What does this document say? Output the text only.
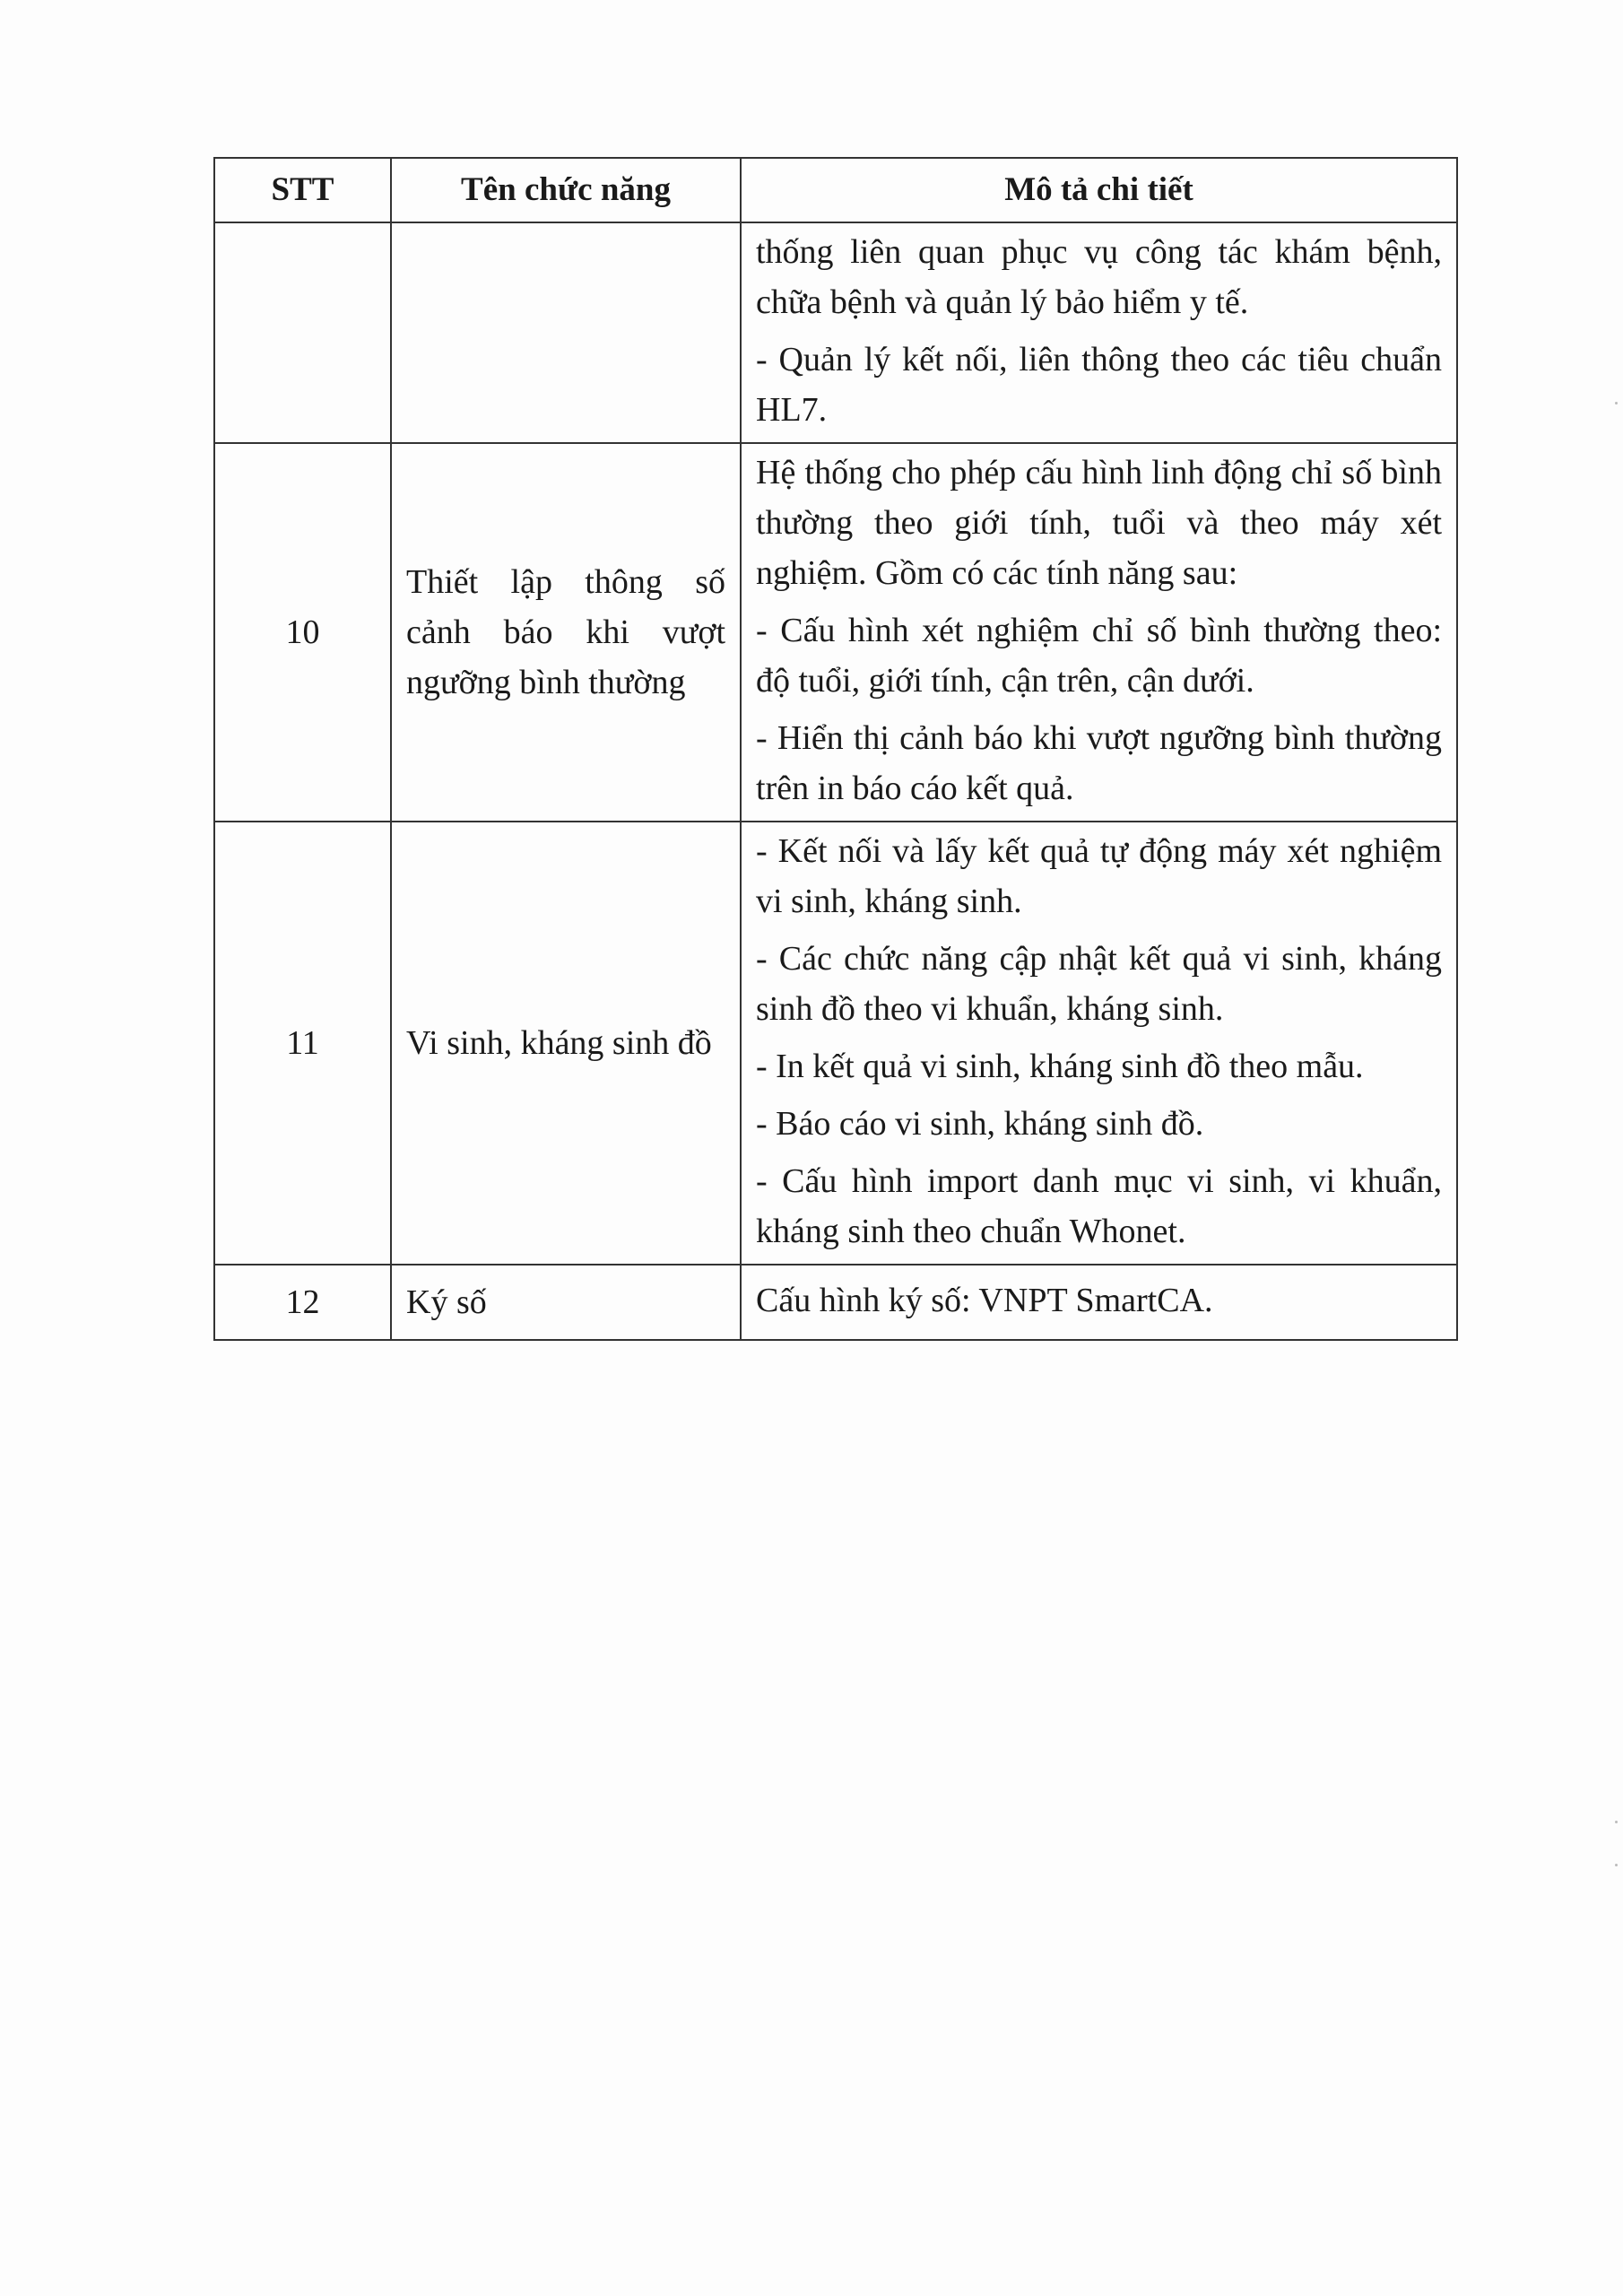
STT	Tên chức năng	Mô tả chi tiết

		thống liên quan phục vụ công tác khám bệnh, chữa bệnh và quản lý bảo hiểm y tế.

- Quản lý kết nối, liên thông theo các tiêu chuẩn HL7.

10	Thiết lập thông số cảnh báo khi vượt ngưỡng bình thường	Hệ thống cho phép cấu hình linh động chỉ số bình thường theo giới tính, tuổi và theo máy xét nghiệm. Gồm có các tính năng sau:

- Cấu hình xét nghiệm chỉ số bình thường theo: độ tuổi, giới tính, cận trên, cận dưới.

- Hiển thị cảnh báo khi vượt ngưỡng bình thường trên in báo cáo kết quả.

11	Vi sinh, kháng sinh đồ	- Kết nối và lấy kết quả tự động máy xét nghiệm vi sinh, kháng sinh.

- Các chức năng cập nhật kết quả vi sinh, kháng sinh đồ theo vi khuẩn, kháng sinh.

- In kết quả vi sinh, kháng sinh đồ theo mẫu.

- Báo cáo vi sinh, kháng sinh đồ.

- Cấu hình import danh mục vi sinh, vi khuẩn, kháng sinh theo chuẩn Whonet.

12	Ký số	Cấu hình ký số: VNPT SmartCA.
